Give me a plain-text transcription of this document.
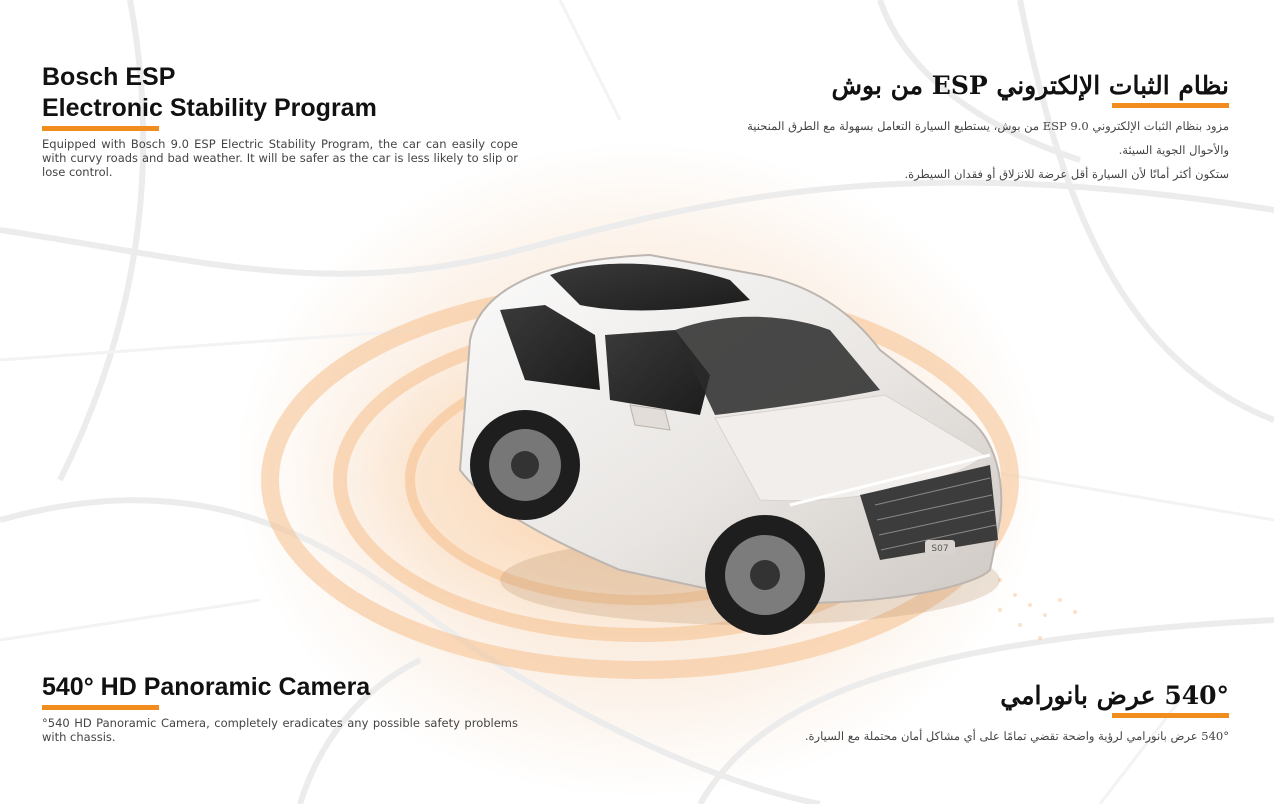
S07
Bosch ESP
Electronic Stability Program

Equipped with Bosch 9.0 ESP Electric Stability Program, the car can easily cope with curvy roads and bad weather. It will be safer as the car is less likely to slip or lose control.

نظام الثبات الإلكتروني ESP من بوش

مزود بنظام الثبات الإلكتروني ESP 9.0 من بوش، يستطيع السيارة التعامل بسهولة مع الطرق المنحنية والأحوال الجوية السيئة.

ستكون أكثر أمانًا لأن السيارة أقل عرضة للانزلاق أو فقدان السيطرة.

540° HD Panoramic Camera

°540 HD Panoramic Camera, completely eradicates any possible safety problems with chassis.

540° عرض بانورامي

540° عرض بانورامي لرؤية واضحة تقضي تمامًا على أي مشاكل أمان محتملة مع السيارة.
